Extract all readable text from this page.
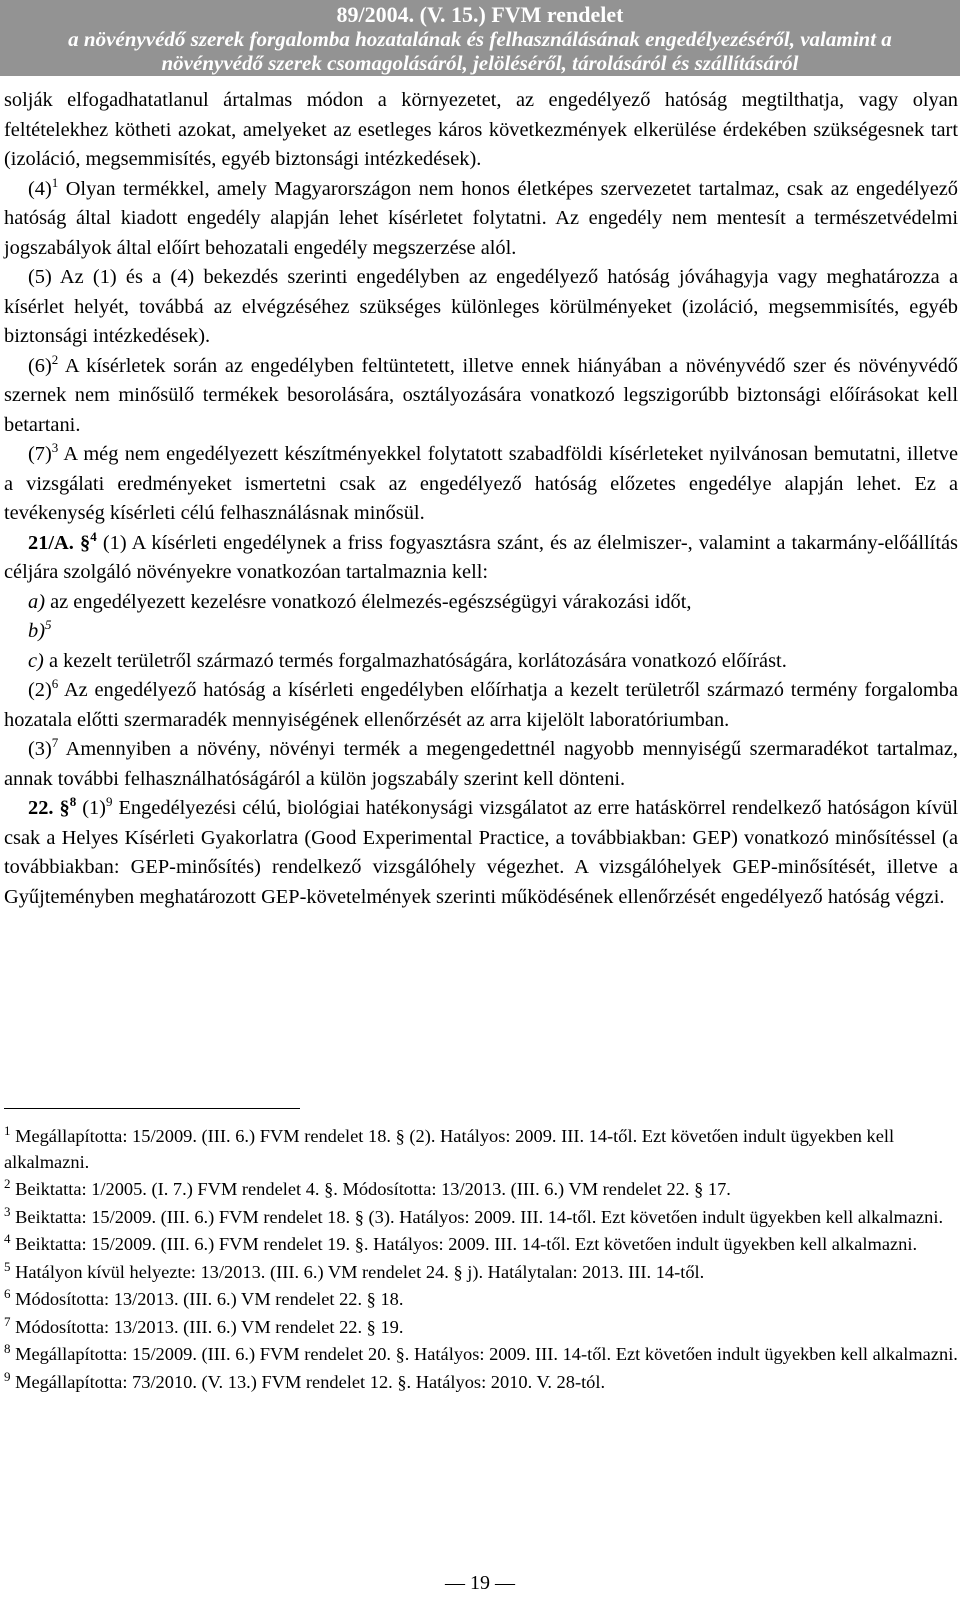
89/2004. (V. 15.) FVM rendelet
a növényvédő szerek forgalomba hozatalának és felhasználásának engedélyezéséről, valamint a
növényvédő szerek csomagolásáról, jelöléséről, tárolásáról és szállításáról

solják elfogadhatatlanul ártalmas módon a környezetet, az engedélyező hatóság megtilthatja, vagy olyan feltételekhez kötheti azokat, amelyeket az esetleges káros következmények elkerülése érdekében szükségesnek tart (izoláció, megsemmisítés, egyéb biztonsági intézkedések).

$(4)^1$ Olyan termékkel, amely Magyarországon nem honos életképes szervezetet tartalmaz, csak az engedélyező hatóság által kiadott engedély alapján lehet kísérletet folytatni. Az engedély nem mentesít a természetvédelmi jogszabályok által előírt behozatali engedély megszerzése alól.

(5) Az (1) és a (4) bekezdés szerinti engedélyben az engedélyező hatóság jóváhagyja vagy meghatározza a kísérlet helyét, továbbá az elvégzéséhez szükséges különleges körülményeket (izoláció, megsemmisítés, egyéb biztonsági intézkedések).

$(6)^2$ A kísérletek során az engedélyben feltüntetett, illetve ennek hiányában a növényvédő szer és növényvédő szernek nem minősülő termékek besorolására, osztályozására vonatkozó legszigorúbb biztonsági előírásokat kell betartani.

$(7)^3$ A még nem engedélyezett készítményekkel folytatott szabadföldi kísérleteket nyilvánosan bemutatni, illetve a vizsgálati eredményeket ismertetni csak az engedélyező hatóság előzetes engedélye alapján lehet. Ez a tevékenység kísérleti célú felhasználásnak minősül.

21/A. §$^4$ (1) A kísérleti engedélynek a friss fogyasztásra szánt, és az élelmiszer-, valamint a takarmány-előállítás céljára szolgáló növényekre vonatkozóan tartalmaznia kell:

a) az engedélyezett kezelésre vonatkozó élelmezés-egészségügyi várakozási időt,

b)$^5$

c) a kezelt területről származó termés forgalmazhatóságára, korlátozására vonatkozó előírást.

$(2)^6$ Az engedélyező hatóság a kísérleti engedélyben előírhatja a kezelt területről származó termény forgalomba hozatala előtti szermaradék mennyiségének ellenőrzését az arra kijelölt laboratóriumban.

$(3)^7$ Amennyiben a növény, növényi termék a megengedettnél nagyobb mennyiségű szermaradékot tartalmaz, annak további felhasználhatóságáról a külön jogszabály szerint kell dönteni.

22. §$^8$ $(1)^9$ Engedélyezési célú, biológiai hatékonysági vizsgálatot az erre hatáskörrel rendelkező hatóságon kívül csak a Helyes Kísérleti Gyakorlatra (Good Experimental Practice, a továbbiakban: GEP) vonatkozó minősítéssel (a továbbiakban: GEP-minősítés) rendelkező vizsgálóhely végezhet. A vizsgálóhelyek GEP-minősítését, illetve a Gyűjteményben meghatározott GEP-követelmények szerinti működésének ellenőrzését engedélyező hatóság végzi.

$^1$ Megállapította: 15/2009. (III. 6.) FVM rendelet 18. § (2). Hatályos: 2009. III. 14-től. Ezt követően indult ügyekben kell alkalmazni.

$^2$ Beiktatta: 1/2005. (I. 7.) FVM rendelet 4. §. Módosította: 13/2013. (III. 6.) VM rendelet 22. § 17.

$^3$ Beiktatta: 15/2009. (III. 6.) FVM rendelet 18. § (3). Hatályos: 2009. III. 14-től. Ezt követően indult ügyekben kell alkalmazni.

$^4$ Beiktatta: 15/2009. (III. 6.) FVM rendelet 19. §. Hatályos: 2009. III. 14-től. Ezt követően indult ügyekben kell alkalmazni.

$^5$ Hatályon kívül helyezte: 13/2013. (III. 6.) VM rendelet 24. § j). Hatálytalan: 2013. III. 14-től.

$^6$ Módosította: 13/2013. (III. 6.) VM rendelet 22. § 18.

$^7$ Módosította: 13/2013. (III. 6.) VM rendelet 22. § 19.

$^8$ Megállapította: 15/2009. (III. 6.) FVM rendelet 20. §. Hatályos: 2009. III. 14-től. Ezt követően indult ügyekben kell alkalmazni.

$^9$ Megállapította: 73/2010. (V. 13.) FVM rendelet 12. §. Hatályos: 2010. V. 28-tól.

— 19 —
